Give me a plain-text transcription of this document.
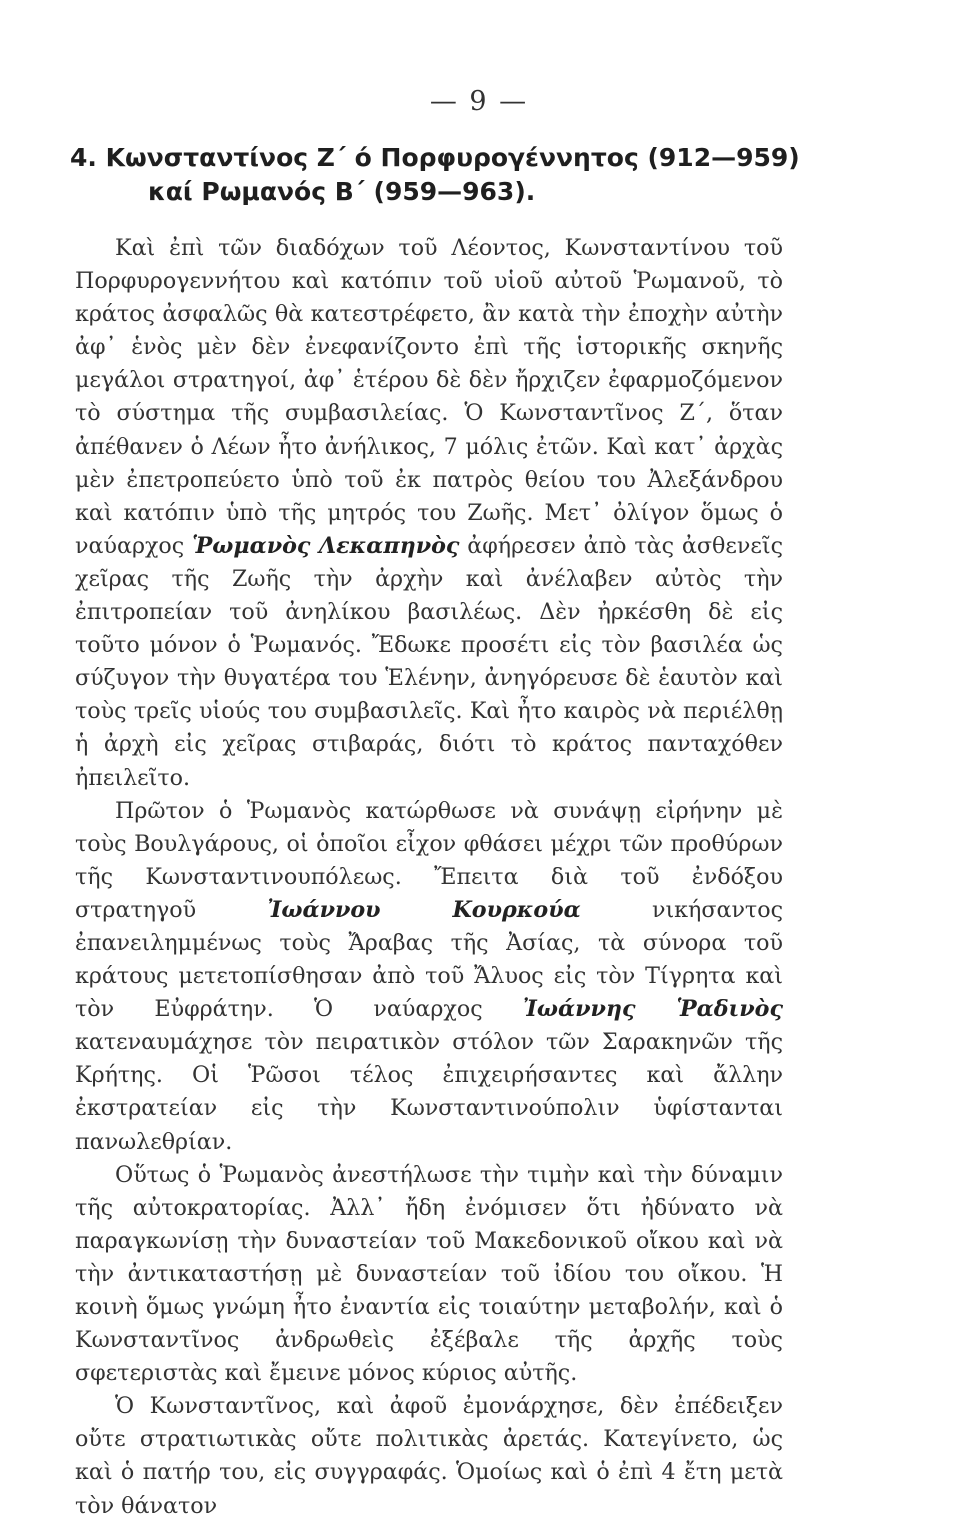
— 9 —
4. Κωνσταντίνος Ζ΄ ό Πορφυρογέννητος (912—959)
καί Ρωμανός Β΄ (959—963).

Καὶ ἐπὶ τῶν διαδόχων τοῦ Λέοντος, Κωνσταντίνου τοῦ Πορφυρογεννήτου καὶ κατόπιν τοῦ υἱοῦ αὐτοῦ Ῥωμανοῦ, τὸ κράτος ἀσφαλῶς θὰ κατεστρέφετο, ἂν κατὰ τὴν ἐποχὴν αὐτὴν ἀφ᾿ ἑνὸς μὲν δὲν ἐνεφανίζοντο ἐπὶ τῆς ἱστορικῆς σκηνῆς μεγάλοι στρατηγοί, ἀφ᾿ ἑτέρου δὲ δὲν ἤρχιζεν ἐφαρμοζόμενον τὸ σύστημα τῆς συμβασιλείας. Ὁ Κωνσταντῖνος Ζ΄, ὅταν ἀπέθανεν ὁ Λέων ἦτο ἀνήλικος, 7 μόλις ἐτῶν. Καὶ κατ᾿ ἀρχὰς μὲν ἐπετροπεύετο ὑπὸ τοῦ ἐκ πατρὸς θείου του Ἀλεξάνδρου καὶ κατόπιν ὑπὸ τῆς μητρός του Ζωῆς. Μετ᾿ ὀλίγον ὅμως ὁ ναύαρχος Ῥωμανὸς Λεκαπηνὸς ἀφήρεσεν ἀπὸ τὰς ἀσθενεῖς χεῖρας τῆς Ζωῆς τὴν ἀρχὴν καὶ ἀνέλαβεν αὐτὸς τὴν ἐπιτροπείαν τοῦ ἀνηλίκου βασιλέως. Δὲν ἠρκέσθη δὲ εἰς τοῦτο μόνον ὁ Ῥωμανός. Ἔδωκε προσέτι εἰς τὸν βασιλέα ὡς σύζυγον τὴν θυγατέρα του Ἑλένην, ἀνηγόρευσε δὲ ἑαυτὸν καὶ τοὺς τρεῖς υἱούς του συμβασιλεῖς. Καὶ ἦτο καιρὸς νὰ περιέλθῃ ἡ ἀρχὴ εἰς χεῖρας στιβαράς, διότι τὸ κράτος πανταχόθεν ἠπειλεῖτο.

Πρῶτον ὁ Ῥωμανὸς κατώρθωσε νὰ συνάψῃ εἰρήνην μὲ τοὺς Βουλγάρους, οἱ ὁποῖοι εἶχον φθάσει μέχρι τῶν προθύρων τῆς Κωνσταντινουπόλεως. Ἔπειτα διὰ τοῦ ἐνδόξου στρατηγοῦ Ἰωάννου Κουρκούα νικήσαντος ἐπανειλημμένως τοὺς Ἄραβας τῆς Ἀσίας, τὰ σύνορα τοῦ κράτους μετετοπίσθησαν ἀπὸ τοῦ Ἄλυος εἰς τὸν Τίγρητα καὶ τὸν Εὐφράτην. Ὁ ναύαρχος Ἰωάννης Ῥαδινὸς κατεναυμάχησε τὸν πειρατικὸν στόλον τῶν Σαρακηνῶν τῆς Κρήτης. Οἱ Ῥῶσοι τέλος ἐπιχειρήσαντες καὶ ἄλλην ἐκστρατείαν εἰς τὴν Κωνσταντινούπολιν ὑφίστανται πανωλεθρίαν.

Οὕτως ὁ Ῥωμανὸς ἀνεστήλωσε τὴν τιμὴν καὶ τὴν δύναμιν τῆς αὐτοκρατορίας. Ἀλλ᾿ ἤδη ἐνόμισεν ὅτι ἠδύνατο νὰ παραγκωνίσῃ τὴν δυναστείαν τοῦ Μακεδονικοῦ οἴκου καὶ νὰ τὴν ἀντικαταστήσῃ μὲ δυναστείαν τοῦ ἰδίου του οἴκου. Ἡ κοινὴ ὅμως γνώμη ἦτο ἐναντία εἰς τοιαύτην μεταβολήν, καὶ ὁ Κωνσταντῖνος ἀνδρωθεὶς ἐξέβαλε τῆς ἀρχῆς τοὺς σφετεριστὰς καὶ ἔμεινε μόνος κύριος αὐτῆς.

Ὁ Κωνσταντῖνος, καὶ ἀφοῦ ἐμονάρχησε, δὲν ἐπέδειξεν οὔτε στρατιωτικὰς οὔτε πολιτικὰς ἀρετάς. Κατεγίνετο, ὡς καὶ ὁ πατήρ του, εἰς συγγραφάς. Ὁμοίως καὶ ὁ ἐπὶ 4 ἔτη μετὰ τὸν θάνατον
